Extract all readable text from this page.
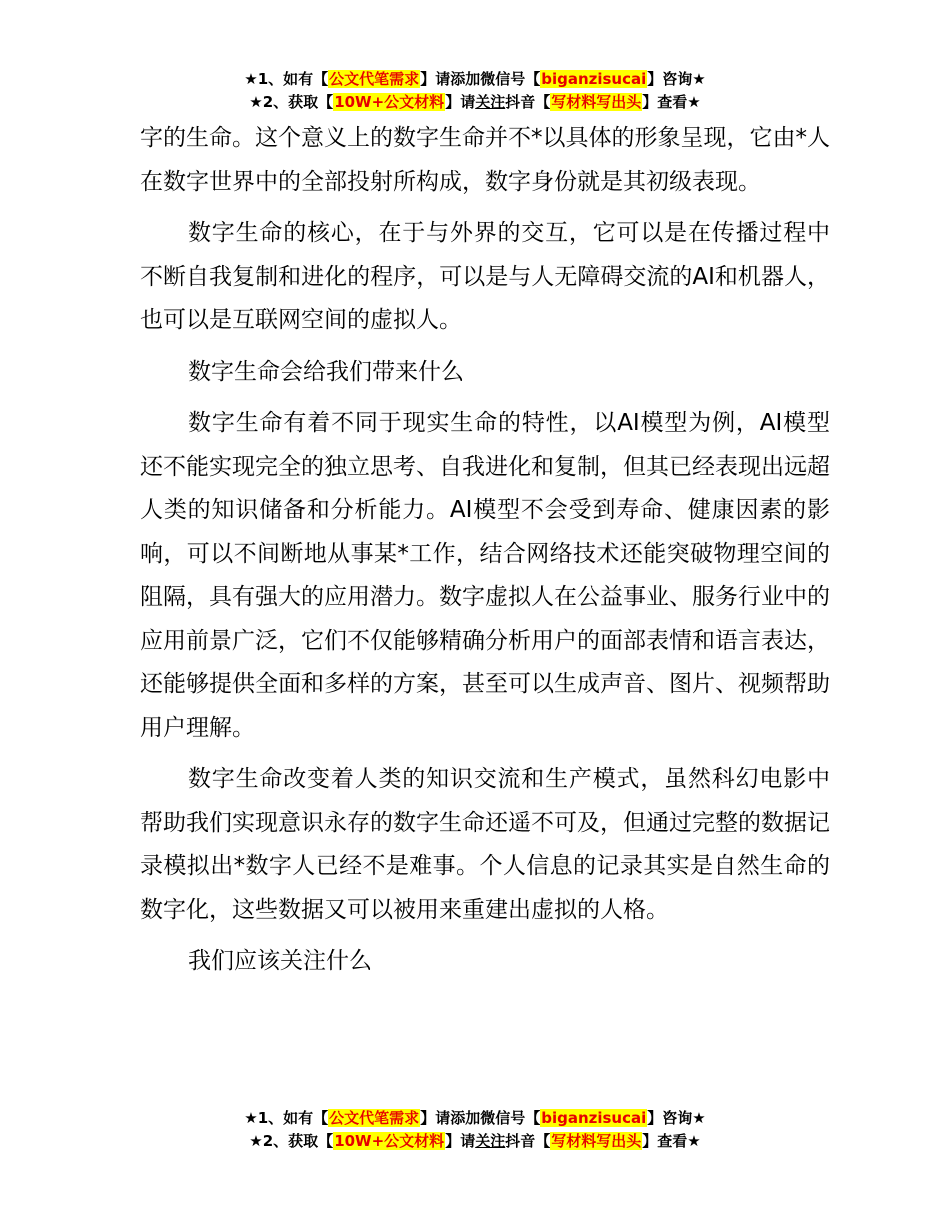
★1、如有【公文代笔需求】请添加微信号【biganzisucai】咨询★
★2、获取【10W+公文材料】请关注抖音【写材料写出头】查看★

字的生命。这个意义上的数字生命并不*以具体的形象呈现，它由*人在数字世界中的全部投射所构成，数字身份就是其初级表现。

数字生命的核心，在于与外界的交互，它可以是在传播过程中不断自我复制和进化的程序，可以是与人无障碍交流的AI和机器人，也可以是互联网空间的虚拟人。

数字生命会给我们带来什么

数字生命有着不同于现实生命的特性，以AI模型为例，AI模型还不能实现完全的独立思考、自我进化和复制，但其已经表现出远超人类的知识储备和分析能力。AI模型不会受到寿命、健康因素的影响，可以不间断地从事某*工作，结合网络技术还能突破物理空间的阻隔，具有强大的应用潜力。数字虚拟人在公益事业、服务行业中的应用前景广泛，它们不仅能够精确分析用户的面部表情和语言表达，还能够提供全面和多样的方案，甚至可以生成声音、图片、视频帮助用户理解。

数字生命改变着人类的知识交流和生产模式，虽然科幻电影中帮助我们实现意识永存的数字生命还遥不可及，但通过完整的数据记录模拟出*数字人已经不是难事。个人信息的记录其实是自然生命的数字化，这些数据又可以被用来重建出虚拟的人格。

我们应该关注什么

★1、如有【公文代笔需求】请添加微信号【biganzisucai】咨询★
★2、获取【10W+公文材料】请关注抖音【写材料写出头】查看★
